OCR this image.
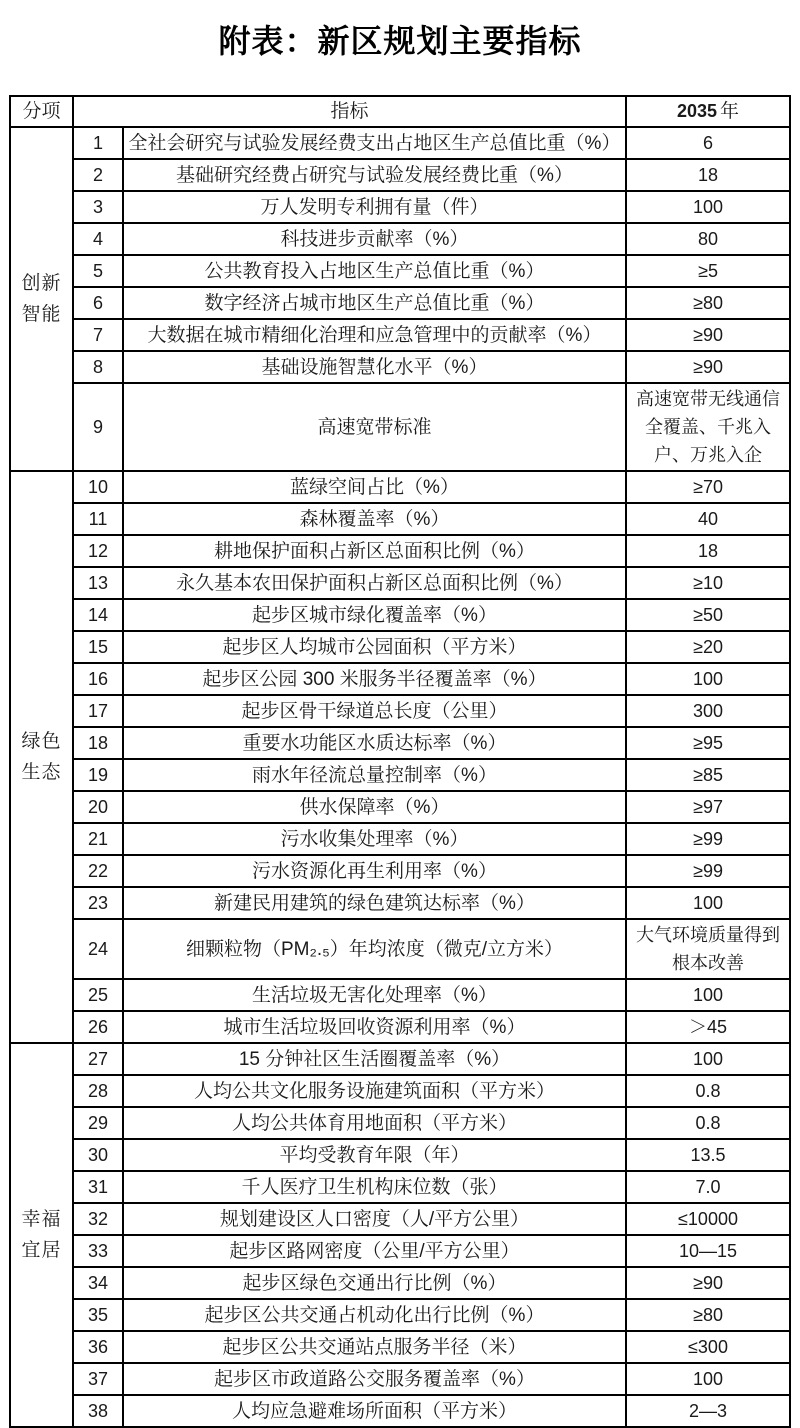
附表：新区规划主要指标
分项	指标		2035 年

创新
智能	1	全社会研究与试验发展经费支出占地区生产总值比重（%）	6
	2	基础研究经费占研究与试验发展经费比重（%）	18
	3	万人发明专利拥有量（件）	100
	4	科技进步贡献率（%）	80
	5	公共教育投入占地区生产总值比重（%）	≥5
	6	数字经济占城市地区生产总值比重（%）	≥80
	7	大数据在城市精细化治理和应急管理中的贡献率（%）	≥90
	8	基础设施智慧化水平（%）	≥90
	9	高速宽带标准	高速宽带无线通信全覆盖、千兆入户、万兆入企

绿色
生态	10	蓝绿空间占比（%）	≥70
	11	森林覆盖率（%）	40
	12	耕地保护面积占新区总面积比例（%）	18
	13	永久基本农田保护面积占新区总面积比例（%）	≥10
	14	起步区城市绿化覆盖率（%）	≥50
	15	起步区人均城市公园面积（平方米）	≥20
	16	起步区公园 300 米服务半径覆盖率（%）	100
	17	起步区骨干绿道总长度（公里）	300
	18	重要水功能区水质达标率（%）	≥95
	19	雨水年径流总量控制率（%）	≥85
	20	供水保障率（%）	≥97
	21	污水收集处理率（%）	≥99
	22	污水资源化再生利用率（%）	≥99
	23	新建民用建筑的绿色建筑达标率（%）	100
	24	细颗粒物（PM₂.₅）年均浓度（微克/立方米）	大气环境质量得到根本改善
	25	生活垃圾无害化处理率（%）	100
	26	城市生活垃圾回收资源利用率（%）	＞45

幸福
宜居	27	15 分钟社区生活圈覆盖率（%）	100
	28	人均公共文化服务设施建筑面积（平方米）	0.8
	29	人均公共体育用地面积（平方米）	0.8
	30	平均受教育年限（年）	13.5
	31	千人医疗卫生机构床位数（张）	7.0
	32	规划建设区人口密度（人/平方公里）	≤10000
	33	起步区路网密度（公里/平方公里）	10—15
	34	起步区绿色交通出行比例（%）	≥90
	35	起步区公共交通占机动化出行比例（%）	≥80
	36	起步区公共交通站点服务半径（米）	≤300
	37	起步区市政道路公交服务覆盖率（%）	100
	38	人均应急避难场所面积（平方米）	2—3
